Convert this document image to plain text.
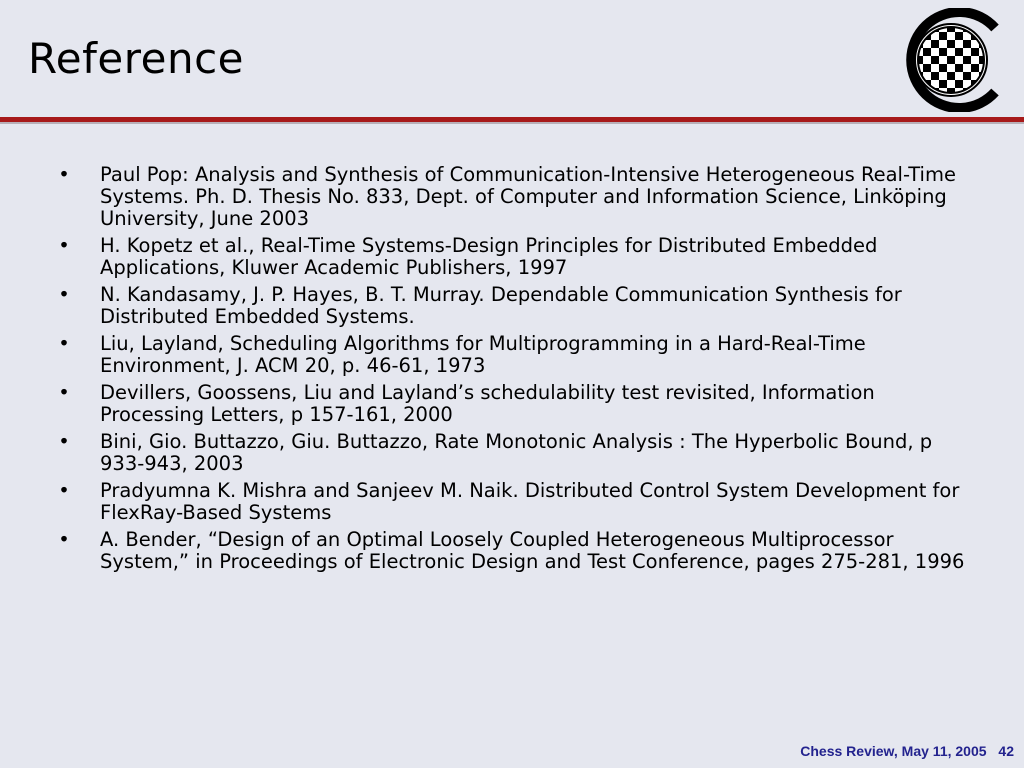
Reference
• Paul Pop: Analysis and Synthesis of Communication-Intensive Heterogeneous Real-Time Systems. Ph. D. Thesis No. 833, Dept. of Computer and Information Science, Linköping University, June 2003
• H. Kopetz et al., Real-Time Systems-Design Principles for Distributed Embedded Applications, Kluwer Academic Publishers, 1997
• N. Kandasamy, J. P. Hayes, B. T. Murray. Dependable Communication Synthesis for Distributed Embedded Systems.
• Liu, Layland, Scheduling Algorithms for Multiprogramming in a Hard-Real-Time Environment, J. ACM 20, p. 46-61, 1973
• Devillers, Goossens, Liu and Layland’s schedulability test revisited, Information Processing Letters, p 157-161, 2000
• Bini, Gio. Buttazzo, Giu. Buttazzo, Rate Monotonic Analysis : The Hyperbolic Bound, p 933-943, 2003
• Pradyumna K. Mishra and Sanjeev M. Naik. Distributed Control System Development for FlexRay-Based Systems
• A. Bender, “Design of an Optimal Loosely Coupled Heterogeneous Multiprocessor System,” in Proceedings of Electronic Design and Test Conference, pages 275-281, 1996
Chess Review, May 11, 2005 42
